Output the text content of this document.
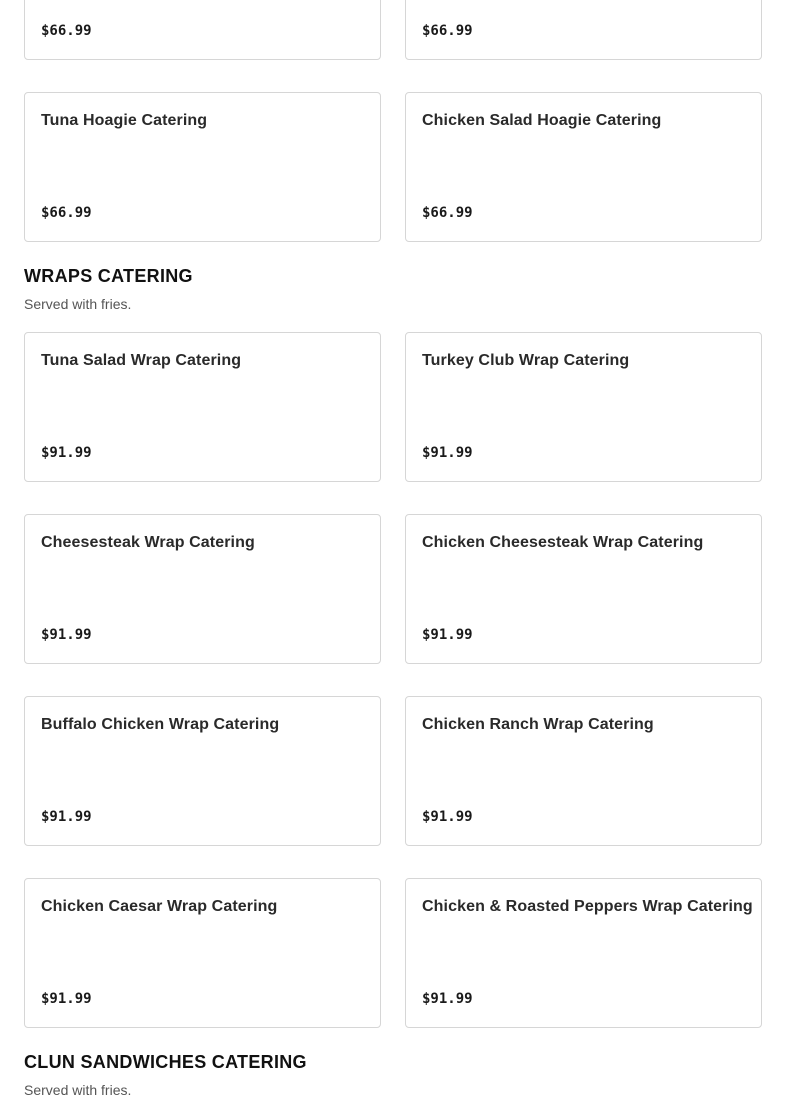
$66.99	$66.99
Tuna Hoagie Catering
$66.99
Chicken Salad Hoagie Catering
$66.99
WRAPS CATERING

Served with fries.

Tuna Salad Wrap Catering
$91.99
Turkey Club Wrap Catering
$91.99
Cheesesteak Wrap Catering
$91.99
Chicken Cheesesteak Wrap Catering
$91.99
Buffalo Chicken Wrap Catering
$91.99
Chicken Ranch Wrap Catering
$91.99
Chicken Caesar Wrap Catering
$91.99
Chicken & Roasted Peppers Wrap Catering
$91.99
CLUN SANDWICHES CATERING

Served with fries.
